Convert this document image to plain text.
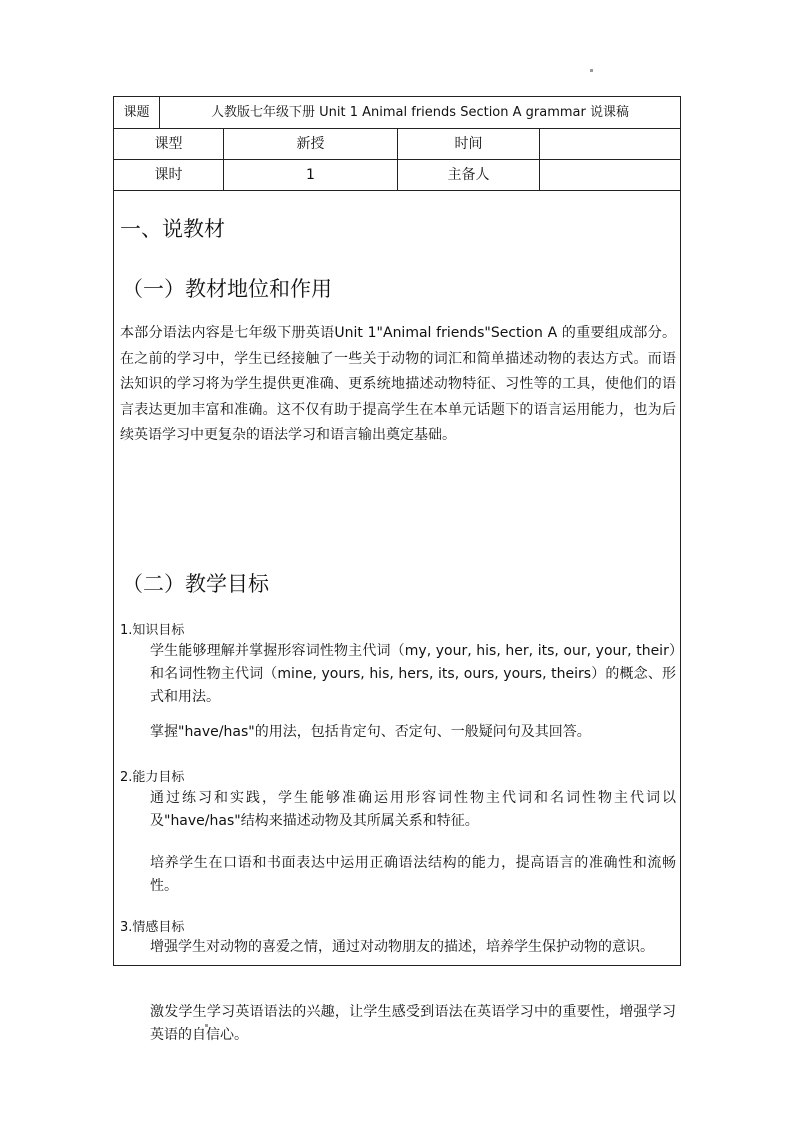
课题	人教版七年级下册 Unit 1 Animal friends Section A grammar 说课稿
课型	新授	时间
课时	1	主备人
一、说教材
（一）教材地位和作用
本部分语法内容是七年级下册英语Unit 1"Animal friends"Section A 的重要组成部分。在之前的学习中，学生已经接触了一些关于动物的词汇和简单描述动物的表达方式。而语法知识的学习将为学生提供更准确、更系统地描述动物特征、习性等的工具，使他们的语言表达更加丰富和准确。这不仅有助于提高学生在本单元话题下的语言运用能力，也为后续英语学习中更复杂的语法学习和语言输出奠定基础。
（二）教学目标
1.知识目标
学生能够理解并掌握形容词性物主代词（my, your, his, her, its, our, your, their）和名词性物主代词（mine, yours, his, hers, its, ours, yours, theirs）的概念、形式和用法。
掌握"have/has"的用法，包括肯定句、否定句、一般疑问句及其回答。
2.能力目标
通过练习和实践，学生能够准确运用形容词性物主代词和名词性物主代词以及"have/has"结构来描述动物及其所属关系和特征。
培养学生在口语和书面表达中运用正确语法结构的能力，提高语言的准确性和流畅性。
3.情感目标
增强学生对动物的喜爱之情，通过对动物朋友的描述，培养学生保护动物的意识。
激发学生学习英语语法的兴趣，让学生感受到语法在英语学习中的重要性，增强学习英语的自信心。
